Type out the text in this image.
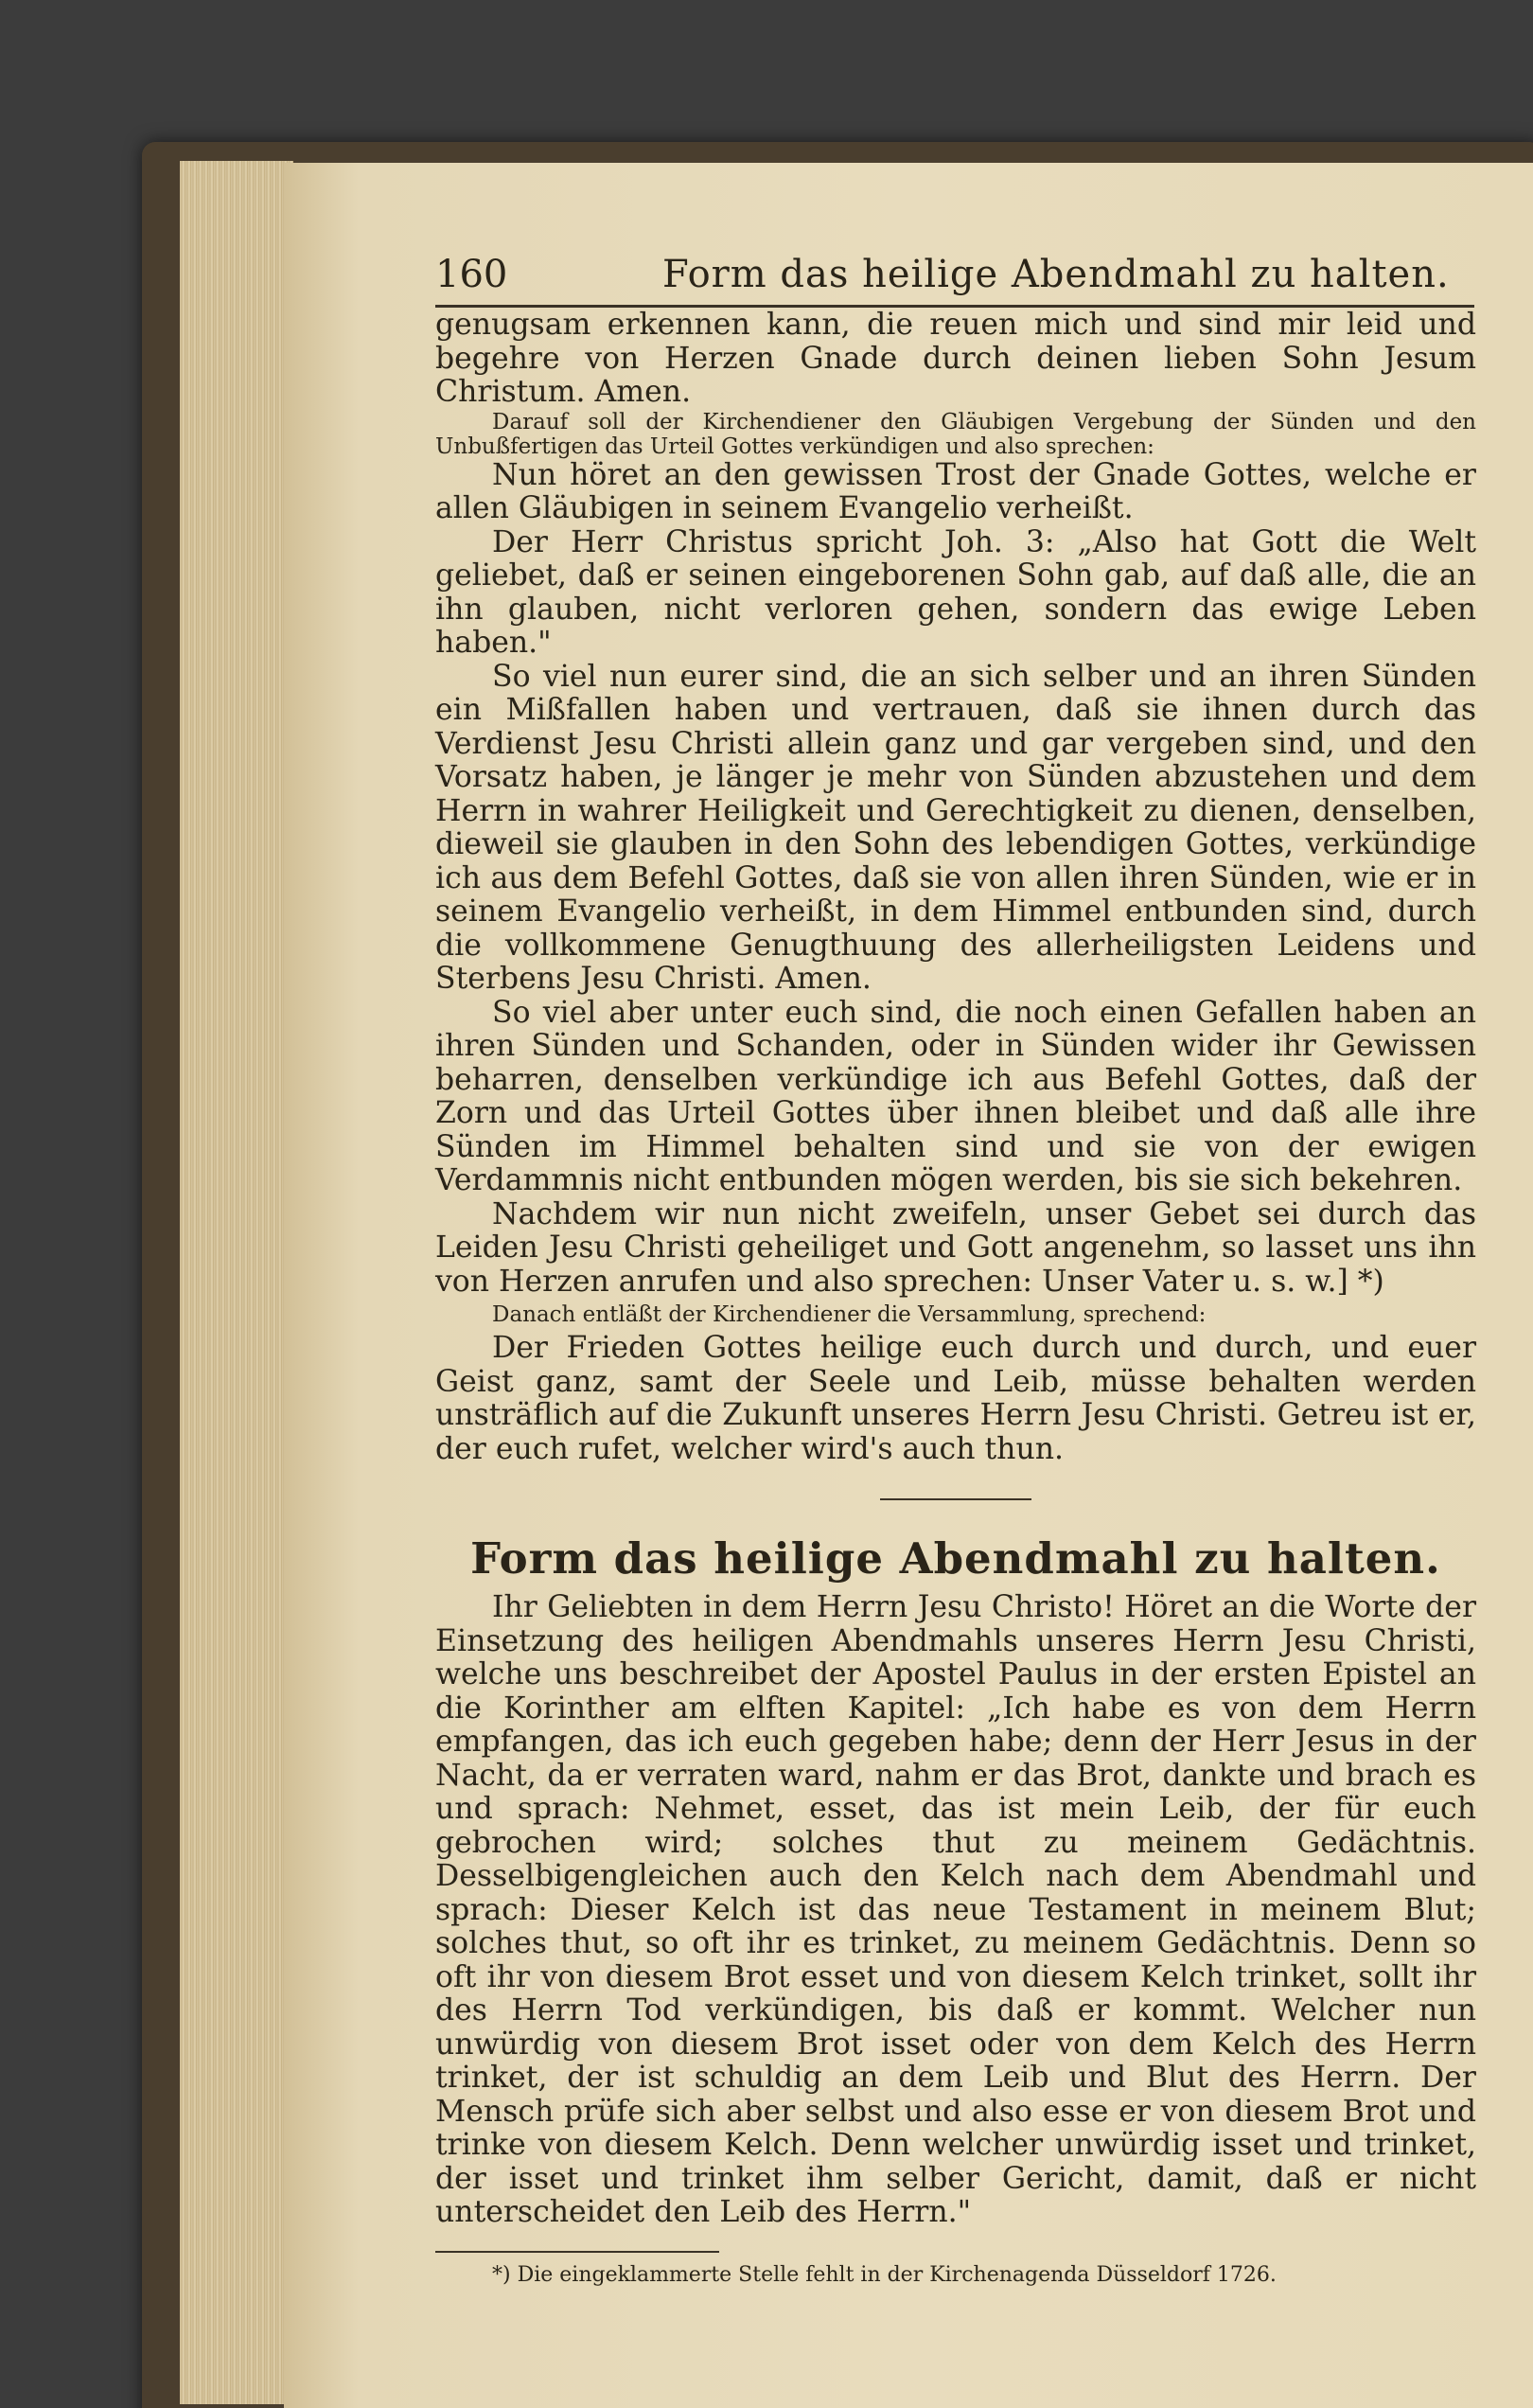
160	Form das heilige Abendmahl zu halten.

genugsam erkennen kann, die reuen mich und sind mir leid und begehre von Herzen Gnade durch deinen lieben Sohn Jesum Christum. Amen.

Darauf soll der Kirchendiener den Gläubigen Vergebung der Sünden und den Unbußfertigen das Urteil Gottes verkündigen und also sprechen:

Nun höret an den gewissen Trost der Gnade Gottes, welche er allen Gläubigen in seinem Evangelio verheißt.

Der Herr Christus spricht Joh. 3: „Also hat Gott die Welt geliebet, daß er seinen eingeborenen Sohn gab, auf daß alle, die an ihn glauben, nicht verloren gehen, sondern das ewige Leben haben."

So viel nun eurer sind, die an sich selber und an ihren Sünden ein Mißfallen haben und vertrauen, daß sie ihnen durch das Verdienst Jesu Christi allein ganz und gar vergeben sind, und den Vorsatz haben, je länger je mehr von Sünden abzustehen und dem Herrn in wahrer Heiligkeit und Gerechtigkeit zu dienen, denselben, dieweil sie glauben in den Sohn des lebendigen Gottes, verkündige ich aus dem Befehl Gottes, daß sie von allen ihren Sünden, wie er in seinem Evangelio verheißt, in dem Himmel entbunden sind, durch die vollkommene Genugthuung des allerheiligsten Leidens und Sterbens Jesu Christi. Amen.

So viel aber unter euch sind, die noch einen Gefallen haben an ihren Sünden und Schanden, oder in Sünden wider ihr Gewissen beharren, denselben verkündige ich aus Befehl Gottes, daß der Zorn und das Urteil Gottes über ihnen bleibet und daß alle ihre Sünden im Himmel behalten sind und sie von der ewigen Verdammnis nicht entbunden mögen werden, bis sie sich bekehren.

Nachdem wir nun nicht zweifeln, unser Gebet sei durch das Leiden Jesu Christi geheiliget und Gott angenehm, so lasset uns ihn von Herzen anrufen und also sprechen: Unser Vater u. s. w.] *)

Danach entläßt der Kirchendiener die Versammlung, sprechend:

Der Frieden Gottes heilige euch durch und durch, und euer Geist ganz, samt der Seele und Leib, müsse behalten werden unsträflich auf die Zukunft unseres Herrn Jesu Christi. Getreu ist er, der euch rufet, welcher wird's auch thun.

Form das heilige Abendmahl zu halten.

Ihr Geliebten in dem Herrn Jesu Christo! Höret an die Worte der Einsetzung des heiligen Abendmahls unseres Herrn Jesu Christi, welche uns beschreibet der Apostel Paulus in der ersten Epistel an die Korinther am elften Kapitel: „Ich habe es von dem Herrn empfangen, das ich euch gegeben habe; denn der Herr Jesus in der Nacht, da er verraten ward, nahm er das Brot, dankte und brach es und sprach: Nehmet, esset, das ist mein Leib, der für euch gebrochen wird; solches thut zu meinem Gedächtnis. Desselbigengleichen auch den Kelch nach dem Abendmahl und sprach: Dieser Kelch ist das neue Testament in meinem Blut; solches thut, so oft ihr es trinket, zu meinem Gedächtnis. Denn so oft ihr von diesem Brot esset und von diesem Kelch trinket, sollt ihr des Herrn Tod verkündigen, bis daß er kommt. Welcher nun unwürdig von diesem Brot isset oder von dem Kelch des Herrn trinket, der ist schuldig an dem Leib und Blut des Herrn. Der Mensch prüfe sich aber selbst und also esse er von diesem Brot und trinke von diesem Kelch. Denn welcher unwürdig isset und trinket, der isset und trinket ihm selber Gericht, damit, daß er nicht unterscheidet den Leib des Herrn."

*) Die eingeklammerte Stelle fehlt in der Kirchenagenda Düsseldorf 1726.
